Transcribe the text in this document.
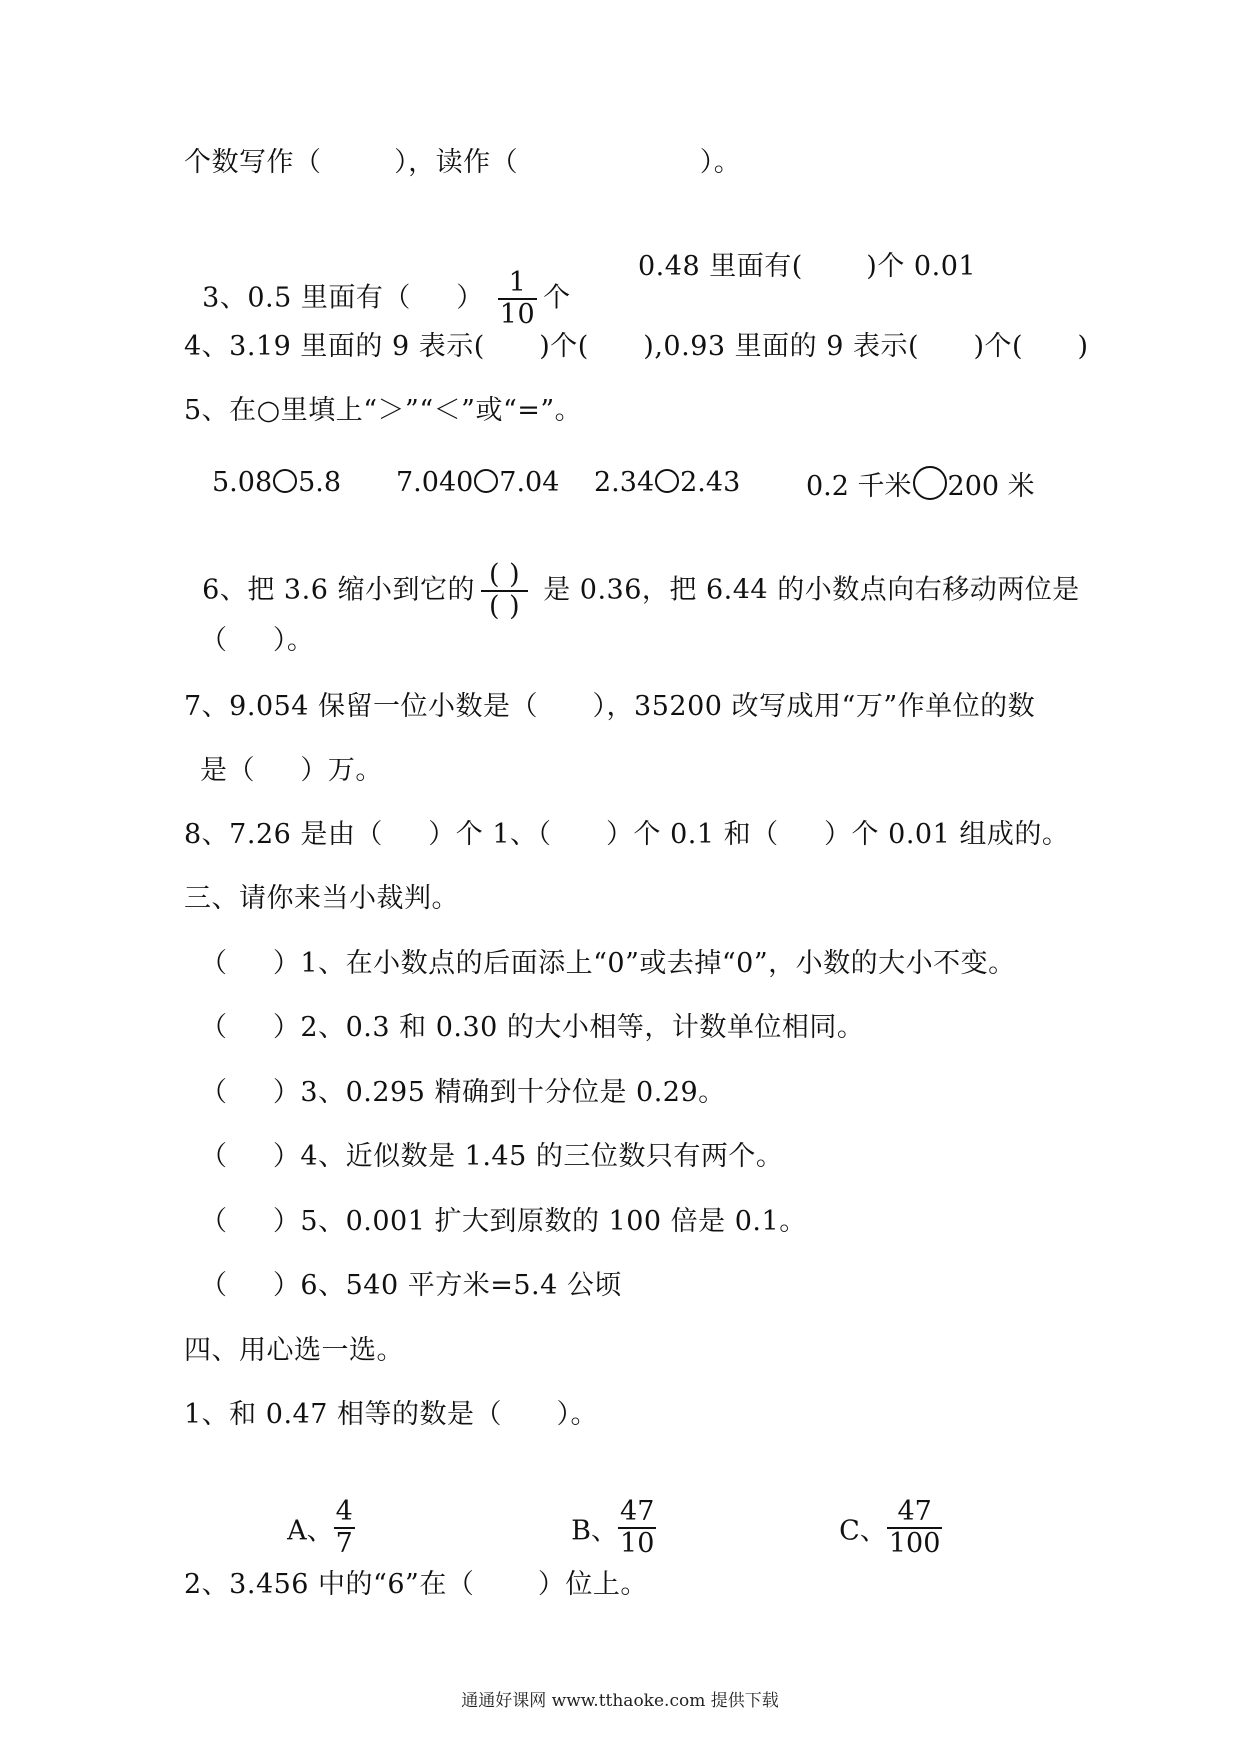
个数写作（        ），读作（                    ）。

3、0.5 里面有（     ） $\frac{1}{10}$ 个

0.48 里面有(       )个 0.01

4、3.19 里面的 9 表示(      )个(      ),0.93 里面的 9 表示(      )个(      )

5、在○里填上“＞”“＜”或“=”。

5.08 5.8 7.040 7.04 2.34 2.43 0.2 千米 200 米

6、把 3.6 缩小到它的 $\frac{( )}{( )}$ 是 0.36，把 6.44 的小数点向右移动两位是

（     ）。

7、9.054 保留一位小数是（      ），35200 改写成用“万”作单位的数

是（     ）万。

8、7.26 是由（     ）个 1、（      ）个 0.1 和（     ）个 0.01 组成的。

三、请你来当小裁判。

（     ）1、在小数点的后面添上“0”或去掉“0”，小数的大小不变。

（     ）2、0.3 和 0.30 的大小相等，计数单位相同。

（     ）3、0.295 精确到十分位是 0.29。

（     ）4、近似数是 1.45 的三位数只有两个。

（     ）5、0.001 扩大到原数的 100 倍是 0.1。

（     ）6、540 平方米=5.4 公顷

四、用心选一选。

1、和 0.47 相等的数是（      ）。

A、 $\frac{4}{7}$	B、 $\frac{47}{10}$	C、 $\frac{47}{100}$

2、3.456 中的“6”在（       ）位上。

通通好课网 www.tthaoke.com 提供下载
